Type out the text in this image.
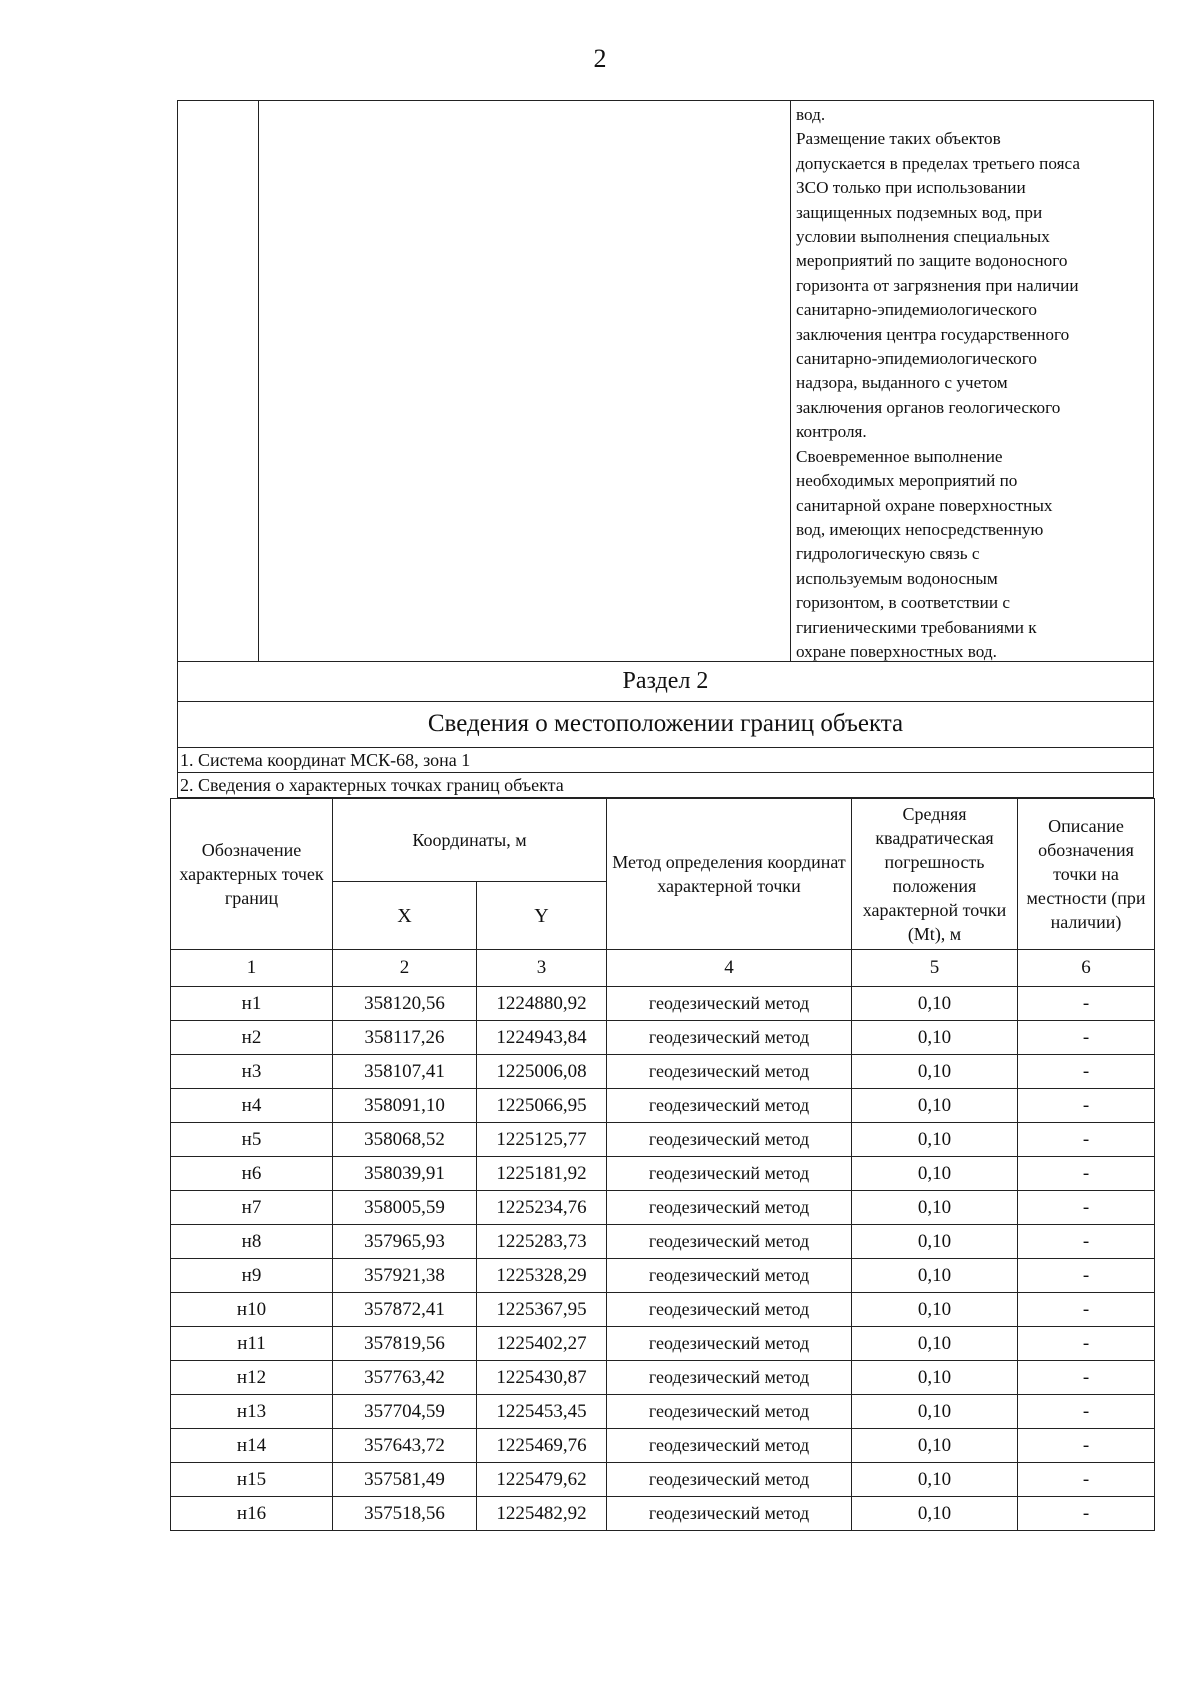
2
вод.
Размещение таких объектов
допускается в пределах третьего пояса
ЗСО только при использовании
защищенных подземных вод, при
условии выполнения специальных
мероприятий по защите водоносного
горизонта от загрязнения при наличии
санитарно-эпидемиологического
заключения центра государственного
санитарно-эпидемиологического
надзора, выданного с учетом
заключения органов геологического
контроля.
Своевременное выполнение
необходимых мероприятий по
санитарной охране поверхностных
вод, имеющих непосредственную
гидрологическую связь с
используемым водоносным
горизонтом, в соответствии с
гигиеническими требованиями к
охране поверхностных вод.
Раздел 2
Сведения о местоположении границ объекта
1. Система координат МСК-68, зона 1
2. Сведения о характерных точках границ объекта
Обозначение характерных точек границ	Координаты, м		Метод определения координат характерной точки	Средняя квадратическая погрешность положения характерной точки (Mt), м	Описание обозначения точки на местности (при наличии)
	X	Y			
1	2	3	4	5	6
н1	358120,56	1224880,92	геодезический метод	0,10	-
н2	358117,26	1224943,84	геодезический метод	0,10	-
н3	358107,41	1225006,08	геодезический метод	0,10	-
н4	358091,10	1225066,95	геодезический метод	0,10	-
н5	358068,52	1225125,77	геодезический метод	0,10	-
н6	358039,91	1225181,92	геодезический метод	0,10	-
н7	358005,59	1225234,76	геодезический метод	0,10	-
н8	357965,93	1225283,73	геодезический метод	0,10	-
н9	357921,38	1225328,29	геодезический метод	0,10	-
н10	357872,41	1225367,95	геодезический метод	0,10	-
н11	357819,56	1225402,27	геодезический метод	0,10	-
н12	357763,42	1225430,87	геодезический метод	0,10	-
н13	357704,59	1225453,45	геодезический метод	0,10	-
н14	357643,72	1225469,76	геодезический метод	0,10	-
н15	357581,49	1225479,62	геодезический метод	0,10	-
н16	357518,56	1225482,92	геодезический метод	0,10	-
